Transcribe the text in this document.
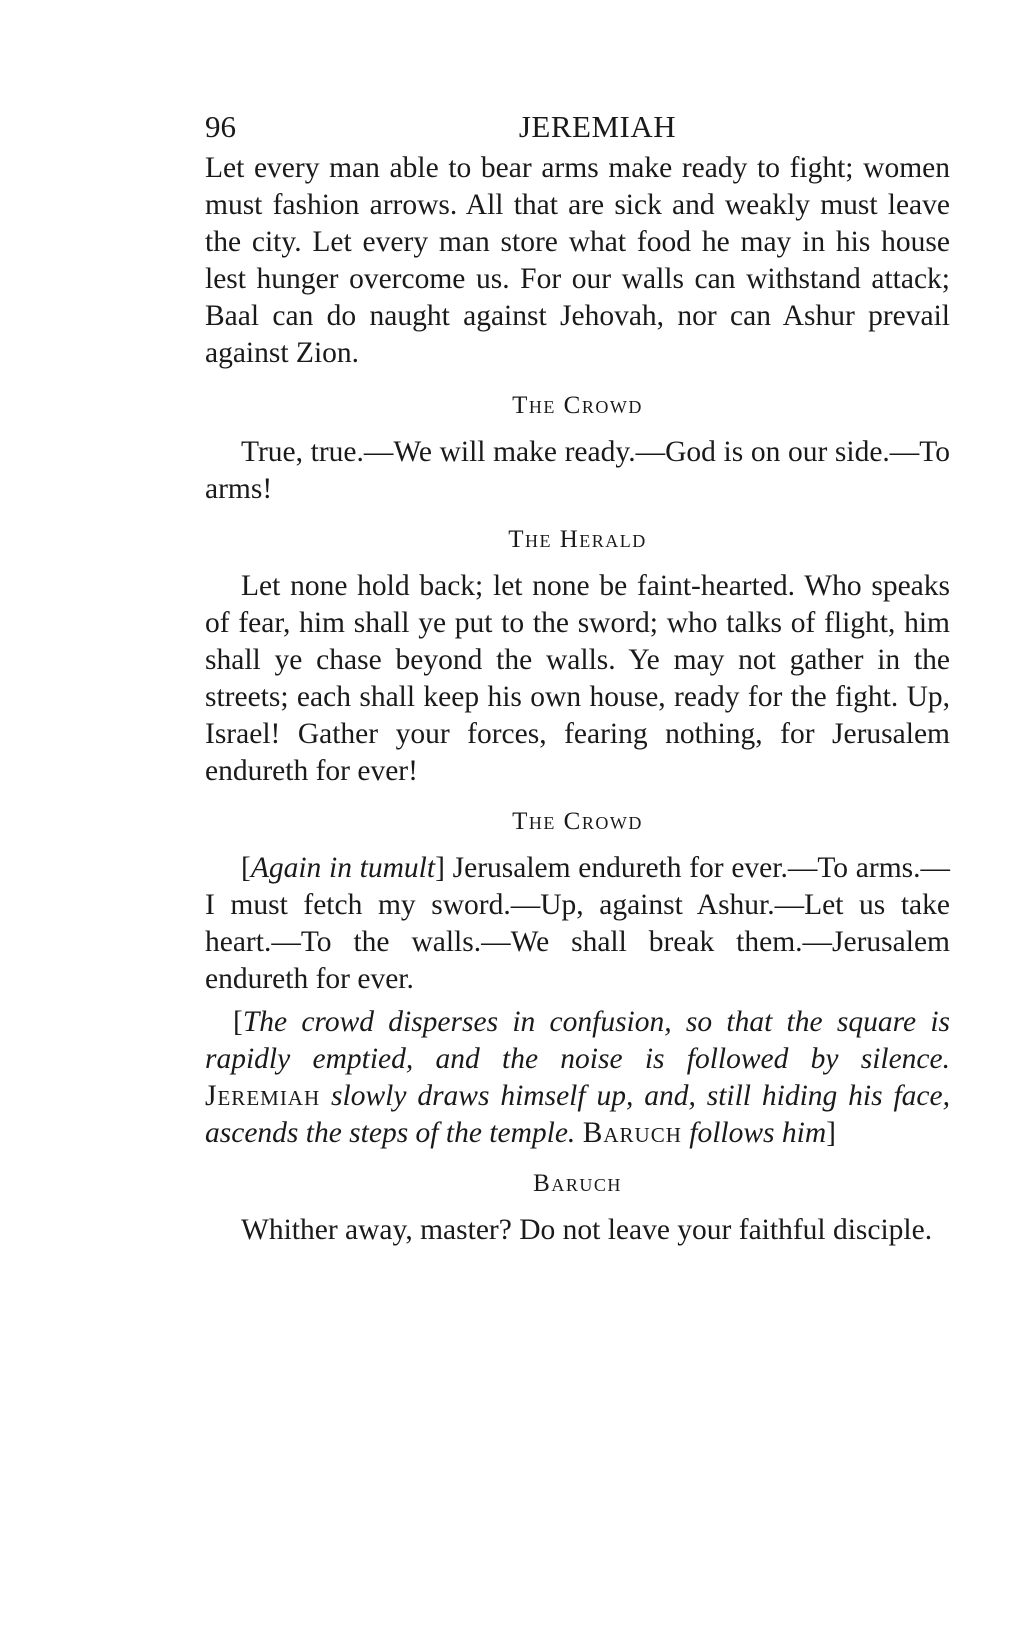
96	JEREMIAH

Let every man able to bear arms make ready to fight; women must fashion arrows. All that are sick and weakly must leave the city. Let every man store what food he may in his house lest hunger overcome us. For our walls can withstand attack; Baal can do naught against Jehovah, nor can Ashur prevail against Zion.

The Crowd

True, true.—We will make ready.—God is on our side.—To arms!

The Herald

Let none hold back; let none be faint-hearted. Who speaks of fear, him shall ye put to the sword; who talks of flight, him shall ye chase beyond the walls. Ye may not gather in the streets; each shall keep his own house, ready for the fight. Up, Israel! Gather your forces, fearing nothing, for Jerusalem endureth for ever!

The Crowd

[Again in tumult] Jerusalem endureth for ever.—To arms.—I must fetch my sword.—Up, against Ashur.—Let us take heart.—To the walls.—We shall break them.—Jerusalem endureth for ever.

[The crowd disperses in confusion, so that the square is rapidly emptied, and the noise is followed by silence. Jeremiah slowly draws himself up, and, still hiding his face, ascends the steps of the temple. Baruch follows him]

Baruch

Whither away, master? Do not leave your faithful disciple.
